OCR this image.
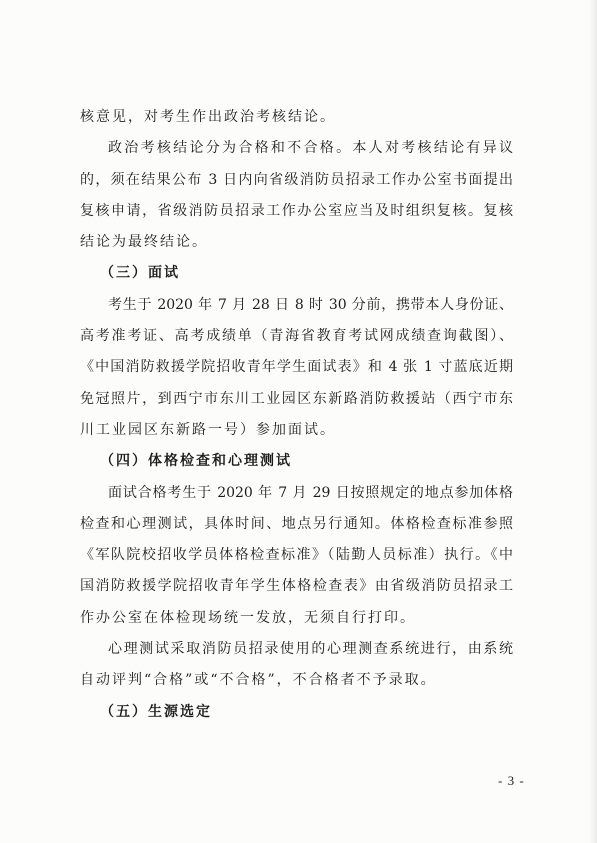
核意见，对考生作出政治考核结论。
政治考核结论分为合格和不合格。本人对考核结论有异议
的，须在结果公布 3 日内向省级消防员招录工作办公室书面提出
复核申请，省级消防员招录工作办公室应当及时组织复核。复核
结论为最终结论。
（三）面试
考生于 2020 年 7 月 28 日 8 时 30 分前，携带本人身份证、
高考准考证、高考成绩单（青海省教育考试网成绩查询截图）、
《中国消防救援学院招收青年学生面试表》和 4 张 1 寸蓝底近期
免冠照片，到西宁市东川工业园区东新路消防救援站（西宁市东
川工业园区东新路一号）参加面试。
（四）体格检查和心理测试
面试合格考生于 2020 年 7 月 29 日按照规定的地点参加体格
检查和心理测试，具体时间、地点另行通知。体格检查标准参照
《军队院校招收学员体格检查标准》（陆勤人员标准）执行。《中
国消防救援学院招收青年学生体格检查表》由省级消防员招录工
作办公室在体检现场统一发放，无须自行打印。
心理测试采取消防员招录使用的心理测查系统进行，由系统
自动评判“合格”或“不合格”，不合格者不予录取。
（五）生源选定
- 3 -
